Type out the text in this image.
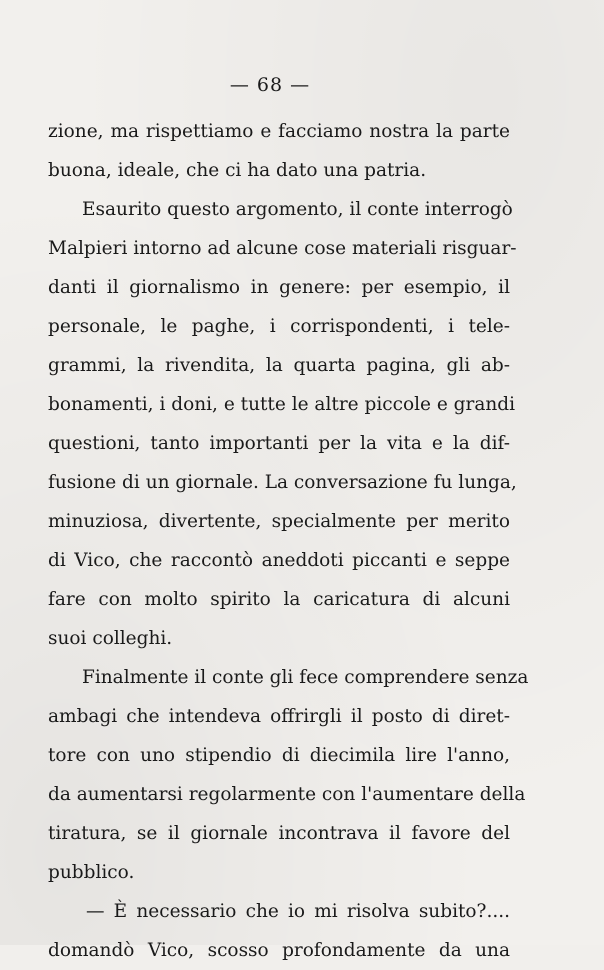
— 68 —
zione, ma rispettiamo e facciamo nostra la parte
buona, ideale, che ci ha dato una patria.
Esaurito questo argomento, il conte interrogò
Malpieri intorno ad alcune cose materiali risguar-
danti il giornalismo in genere: per esempio, il
personale, le paghe, i corrispondenti, i tele-
grammi, la rivendita, la quarta pagina, gli ab-
bonamenti, i doni, e tutte le altre piccole e grandi
questioni, tanto importanti per la vita e la dif-
fusione di un giornale. La conversazione fu lunga,
minuziosa, divertente, specialmente per merito
di Vico, che raccontò aneddoti piccanti e seppe
fare con molto spirito la caricatura di alcuni
suoi colleghi.
Finalmente il conte gli fece comprendere senza
ambagi che intendeva offrirgli il posto di diret-
tore con uno stipendio di diecimila lire l'anno,
da aumentarsi regolarmente con l'aumentare della
tiratura, se il giornale incontrava il favore del
pubblico.
— È necessario che io mi risolva subito?....
domandò Vico, scosso profondamente da una
